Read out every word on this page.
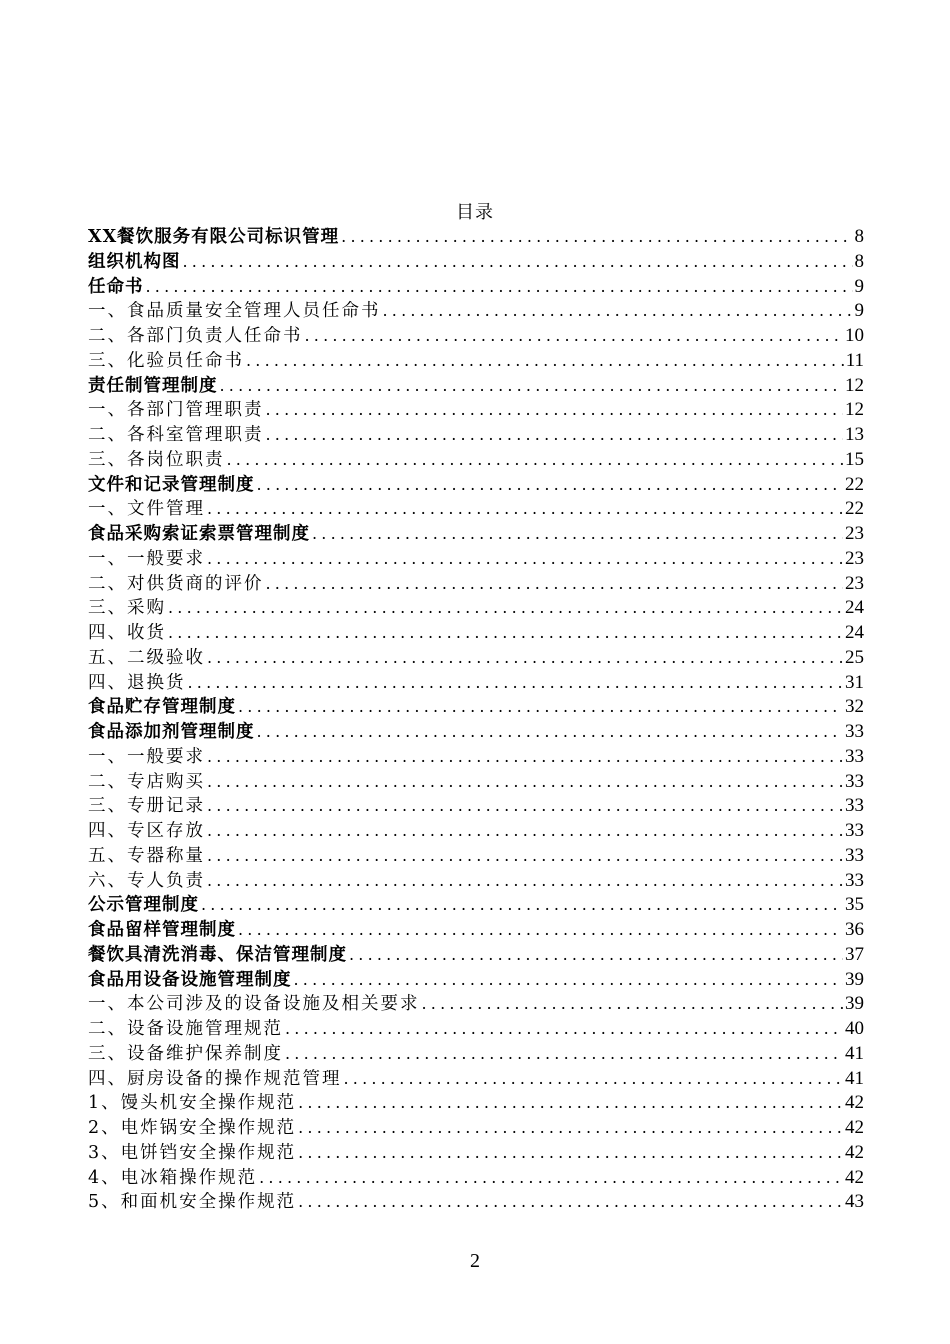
目录
XX餐饮服务有限公司标识管理 .....	8
组织机构图 .....	8
任命书 .....	9
一、食品质量安全管理人员任命书 .....	9
二、各部门负责人任命书 .....	10
三、化验员任命书 .....	11
责任制管理制度 .....	12
一、各部门管理职责 .....	12
二、各科室管理职责 .....	13
三、各岗位职责 .....	15
文件和记录管理制度 .....	22
一、文件管理 .....	22
食品采购索证索票管理制度 .....	23
一、一般要求 .....	23
二、对供货商的评价 .....	23
三、采购 .....	24
四、收货 .....	24
五、二级验收 .....	25
四、退换货 .....	31
食品贮存管理制度 .....	32
食品添加剂管理制度 .....	33
一、一般要求 .....	33
二、专店购买 .....	33
三、专册记录 .....	33
四、专区存放 .....	33
五、专器称量 .....	33
六、专人负责 .....	33
公示管理制度 .....	35
食品留样管理制度 .....	36
餐饮具清洗消毒、保洁管理制度 .....	37
食品用设备设施管理制度 .....	39
一、本公司涉及的设备设施及相关要求 .....	39
二、设备设施管理规范 .....	40
三、设备维护保养制度 .....	41
四、厨房设备的操作规范管理 .....	41
1、馒头机安全操作规范 .....	42
2、电炸锅安全操作规范 .....	42
3、电饼铛安全操作规范 .....	42
4、电冰箱操作规范 .....	42
5、和面机安全操作规范 .....	43
2
